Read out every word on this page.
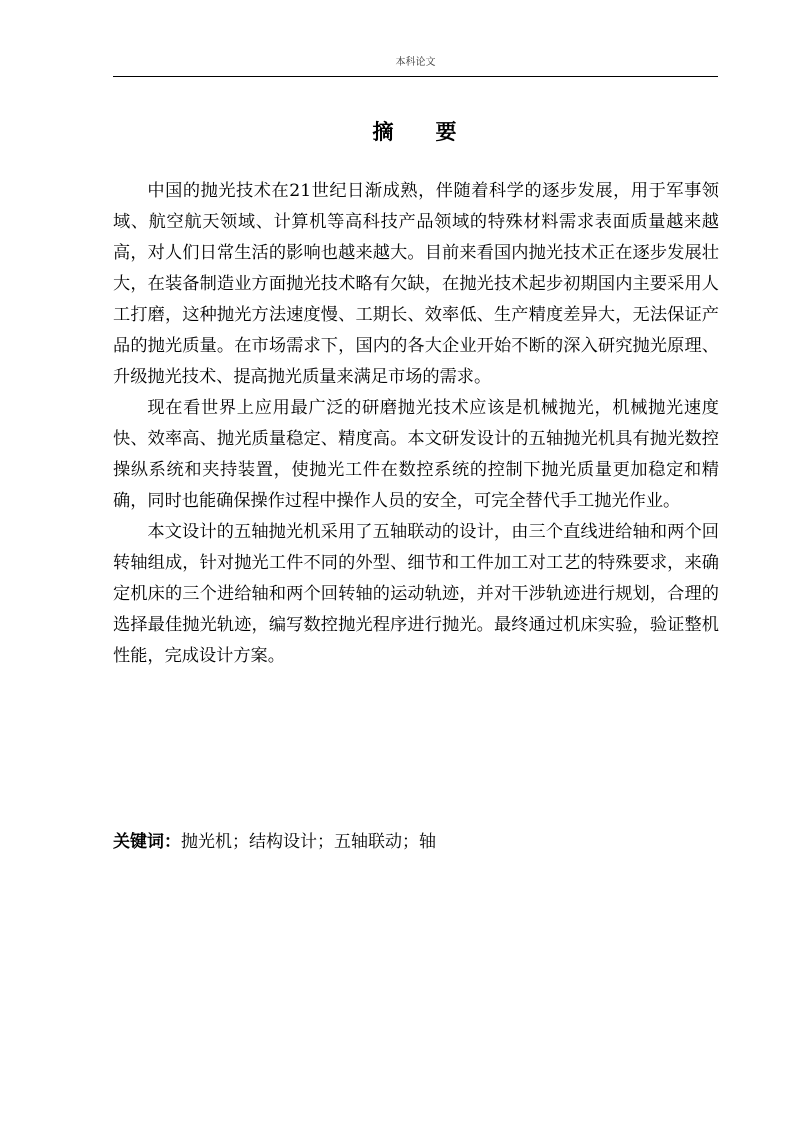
本科论文
摘 要

中国的抛光技术在21世纪日渐成熟，伴随着科学的逐步发展，用于军事领域、航空航天领域、计算机等高科技产品领域的特殊材料需求表面质量越来越高，对人们日常生活的影响也越来越大。目前来看国内抛光技术正在逐步发展壮大，在装备制造业方面抛光技术略有欠缺，在抛光技术起步初期国内主要采用人工打磨，这种抛光方法速度慢、工期长、效率低、生产精度差异大，无法保证产品的抛光质量。在市场需求下，国内的各大企业开始不断的深入研究抛光原理、升级抛光技术、提高抛光质量来满足市场的需求。

现在看世界上应用最广泛的研磨抛光技术应该是机械抛光，机械抛光速度快、效率高、抛光质量稳定、精度高。本文研发设计的五轴抛光机具有抛光数控操纵系统和夹持装置，使抛光工件在数控系统的控制下抛光质量更加稳定和精确，同时也能确保操作过程中操作人员的安全，可完全替代手工抛光作业。

本文设计的五轴抛光机采用了五轴联动的设计，由三个直线进给轴和两个回转轴组成，针对抛光工件不同的外型、细节和工件加工对工艺的特殊要求，来确定机床的三个进给轴和两个回转轴的运动轨迹，并对干涉轨迹进行规划，合理的选择最佳抛光轨迹，编写数控抛光程序进行抛光。最终通过机床实验，验证整机性能，完成设计方案。

关键词：抛光机；结构设计；五轴联动；轴
